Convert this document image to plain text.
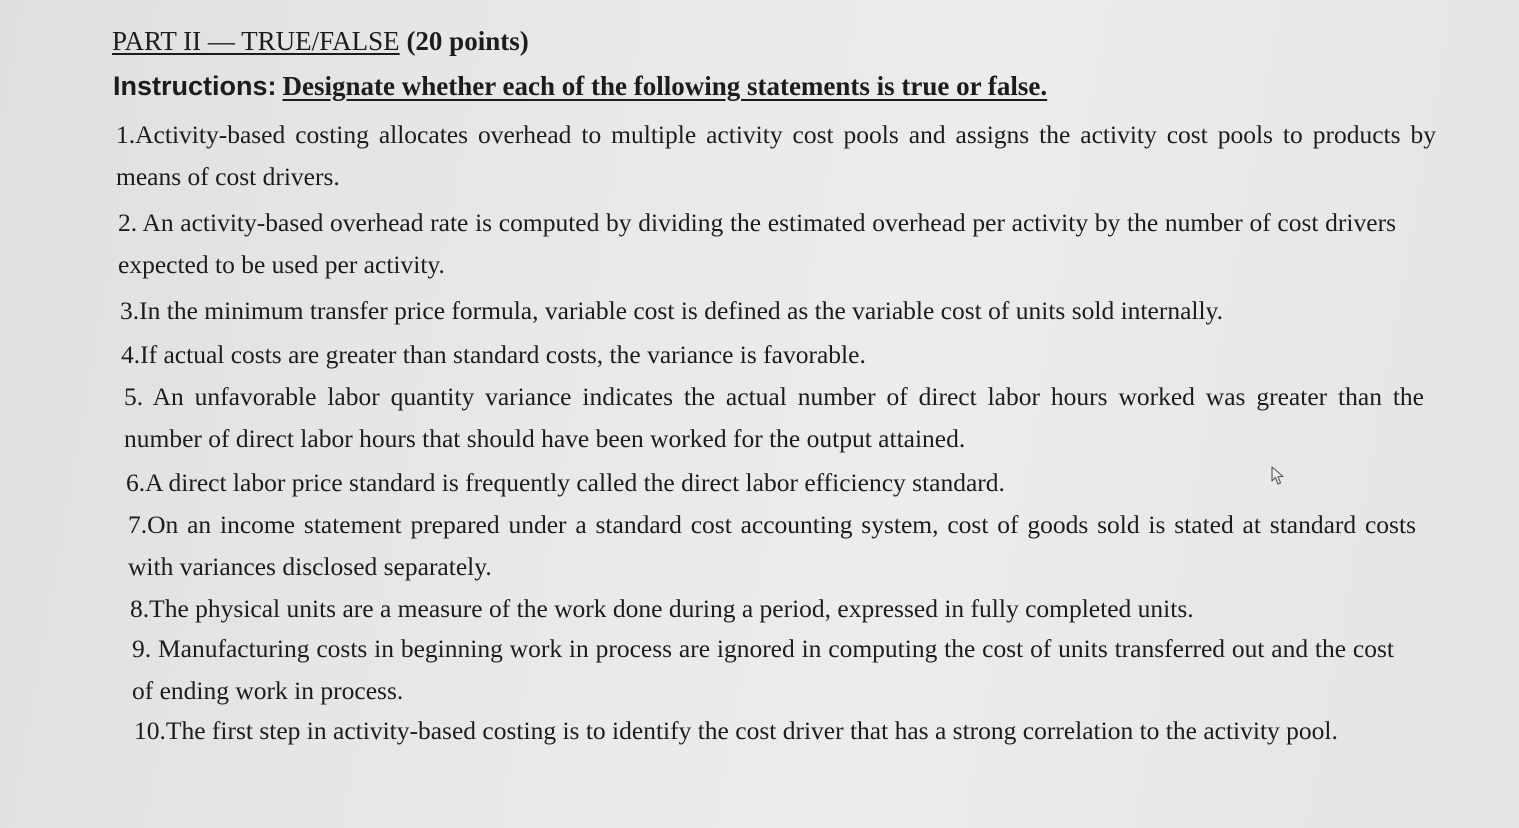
PART II — TRUE/FALSE (20 points)
Instructions: Designate whether each of the following statements is true or false.
1.Activity-based costing allocates overhead to multiple activity cost pools and assigns the activity cost pools to products by means of cost drivers.
2. An activity-based overhead rate is computed by dividing the estimated overhead per activity by the number of cost drivers expected to be used per activity.
3.In the minimum transfer price formula, variable cost is defined as the variable cost of units sold internally.
4.If actual costs are greater than standard costs, the variance is favorable.
5. An unfavorable labor quantity variance indicates the actual number of direct labor hours worked was greater than the number of direct labor hours that should have been worked for the output attained.
6.A direct labor price standard is frequently called the direct labor efficiency standard.
7.On an income statement prepared under a standard cost accounting system, cost of goods sold is stated at standard costs with variances disclosed separately.
8.The physical units are a measure of the work done during a period, expressed in fully completed units.
9. Manufacturing costs in beginning work in process are ignored in computing the cost of units transferred out and the cost of ending work in process.
10.The first step in activity-based costing is to identify the cost driver that has a strong correlation to the activity pool.
